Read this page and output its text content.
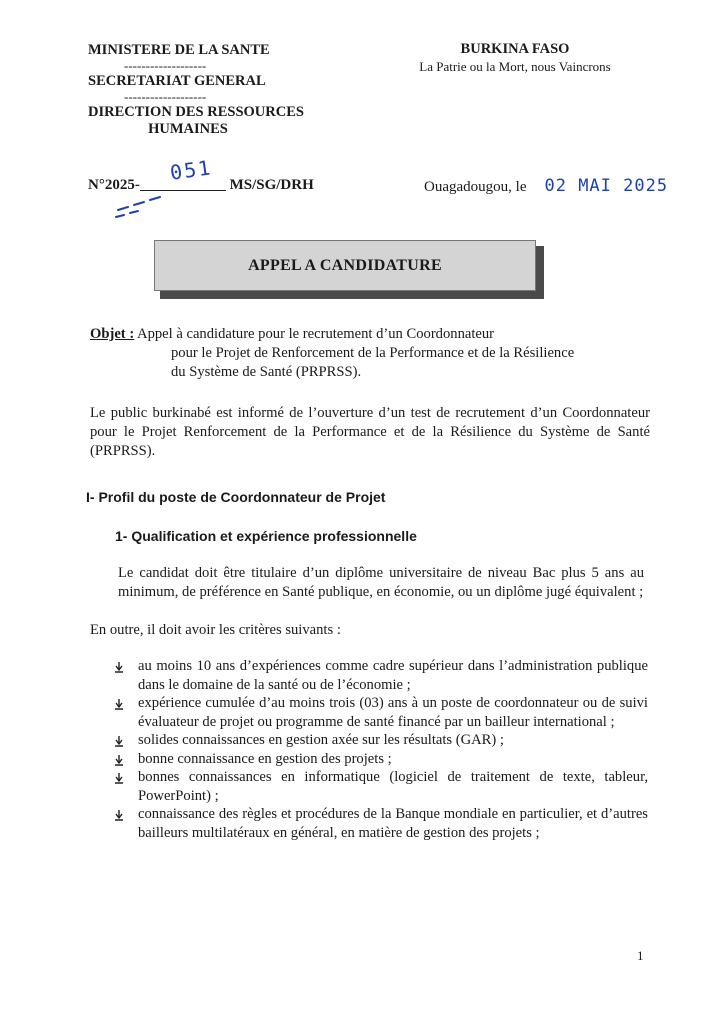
MINISTERE DE LA SANTE
-------------------
SECRETARIAT GENERAL
-------------------
DIRECTION DES RESSOURCES
HUMAINES
BURKINA FASO
La Patrie ou la Mort, nous Vaincrons
N°2025-
051
MS/SG/DRH	Ouagadougou, le 02 MAI 2025
APPEL A CANDIDATURE
Objet : Appel à candidature pour le recrutement d’un Coordonnateur
pour le Projet de Renforcement de la Performance et de la Résilience
du Système de Santé (PRPRSS).
Le public burkinabé est informé de l’ouverture d’un test de recrutement d’un Coordonnateur pour le Projet Renforcement de la Performance et de la Résilience du Système de Santé (PRPRSS).
I- Profil du poste de Coordonnateur de Projet
1- Qualification et expérience professionnelle
Le candidat doit être titulaire d’un diplôme universitaire de niveau Bac plus 5 ans au minimum, de préférence en Santé publique, en économie, ou un diplôme jugé équivalent ;
En outre, il doit avoir les critères suivants :
au moins 10 ans d’expériences comme cadre supérieur dans l’administration publique dans le domaine de la santé ou de l’économie ;
expérience cumulée d’au moins trois (03) ans à un poste de coordonnateur ou de suivi évaluateur de projet ou programme de santé financé par un bailleur international ;
solides connaissances en gestion axée sur les résultats (GAR) ;
bonne connaissance en gestion des projets ;
bonnes connaissances en informatique (logiciel de traitement de texte, tableur, PowerPoint) ;
connaissance des règles et procédures de la Banque mondiale en particulier, et d’autres bailleurs multilatéraux en général, en matière de gestion des projets ;
1
